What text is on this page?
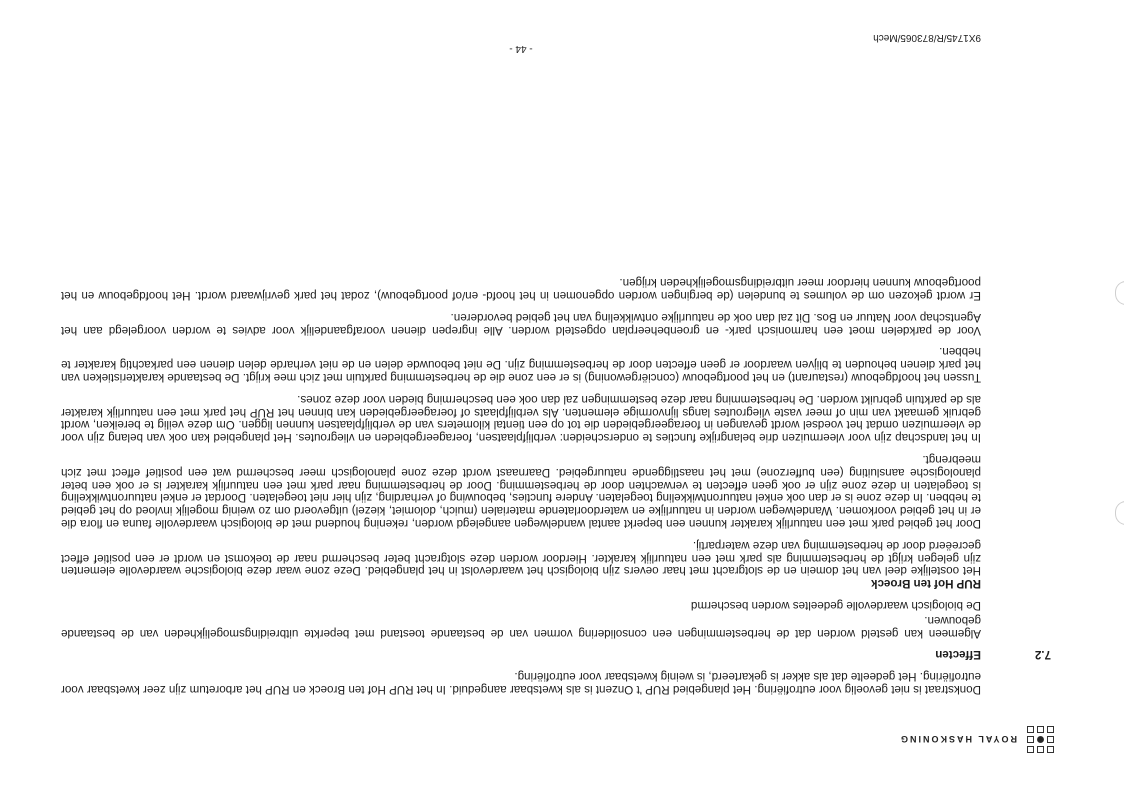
ROYAL HASKONING

Donkstraat is niet gevoelig voor eutrofiëring. Het plangebied RUP 't Onzent is als kwetsbaar aangeduid. In het RUP Hof ten Broeck en RUP het arboretum zijn zeer kwetsbaar voor eutrofiëring. Het gedeelte dat als akker is gekarteerd, is weinig kwetsbaar voor eutrofiëring.

7.2
Effecten

Algemeen kan gesteld worden dat de herbestemmingen een consolidering vormen van de bestaande toestand met beperkte uitbreidingsmogelijkheden van de bestaande gebouwen.

De biologisch waardevolle gedeeltes worden beschermd

RUP Hof ten Broeck

Het oostelijke deel van het domein en de slotgracht met haar oevers zijn biologisch het waardevolst in het plangebied. Deze zone waar deze biologische waardevolle elementen zijn gelegen krijgt de herbestemming als park met een natuurlijk karakter. Hierdoor worden deze slotgracht beter beschermd naar de toekomst en wordt er een positief effect gecreëerd door de herbestemming van deze waterpartij.

Door het gebied park met een natuurlijk karakter kunnen een beperkt aantal wandelwegen aangelegd worden, rekening houdend met de biologisch waardevolle fauna en flora die er in het gebied voorkomen. Wandelwegen worden in natuurlijke en waterdoorlatende materialen (muich, dolomiet, kiezel) uitgevoerd om zo weinig mogelijk invloed op het gebied te hebben. In deze zone is er dan ook enkel natuurontwikkeling toegelaten. Andere functies, bebouwing of verharding, zijn hier niet toegelaten. Doordat er enkel natuurontwikkeling is toegelaten in deze zone zijn er ook geen effecten te verwachten door de herbestemming. Door de herbestemming naar park met een natuurlijk karakter is er ook een beter planologische aansluiting (een bufferzone) met het naastliggende natuurgebied. Daarnaast wordt deze zone planologisch meer beschermd wat een positief effect met zich meebrengt.

In het landschap zijn voor vleermuizen drie belangrijke functies te onderscheiden: verblijfplaatsen, foerageergebieden en vliegroutes. Het plangebied kan ook van belang zijn voor de vleermuizen omdat het voedsel wordt gevangen in foerageergebieden die tot op een tiental kilometers van de verblijfplaatsen kunnen liggen. Om deze veilig te bereiken, wordt gebruik gemaakt van min of meer vaste vliegroutes langs lijnvormige elementen. Als verblijfplaats of foerageergebieden kan binnen het RUP het park met een natuurlijk karakter als de parktuin gebruikt worden. De herbestemming naar deze bestemmingen zal dan ook een bescherming bieden voor deze zones.

Tussen het hoofdgebouw (restaurant) en het poortgebouw (conciërgewoning) is er een zone die de herbestemming parktuin met zich mee krijgt. De bestaande karakteristieken van het park dienen behouden te blijven waardoor er geen effecten door de herbestemming zijn. De niet bebouwde delen en de niet verharde delen dienen een parkachtig karakter te hebben.

Voor de parkdelen moet een harmonisch park- en groenbeheerplan opgesteld worden. Alle ingrepen dienen voorafgaandelijk voor advies te worden voorgelegd aan het Agentschap voor Natuur en Bos. Dit zal dan ook de natuurlijke ontwikkeling van het gebied bevorderen.

Er wordt gekozen om de volumes te bundelen (de bergingen worden opgenomen in het hoofd- en/of poortgebouw), zodat het park gevrijwaard wordt. Het hoofdgebouw en het poortgebouw kunnen hierdoor meer uitbreidingsmogelijkheden krijgen.

9X1745/R/873065/Mech
- 44 -
